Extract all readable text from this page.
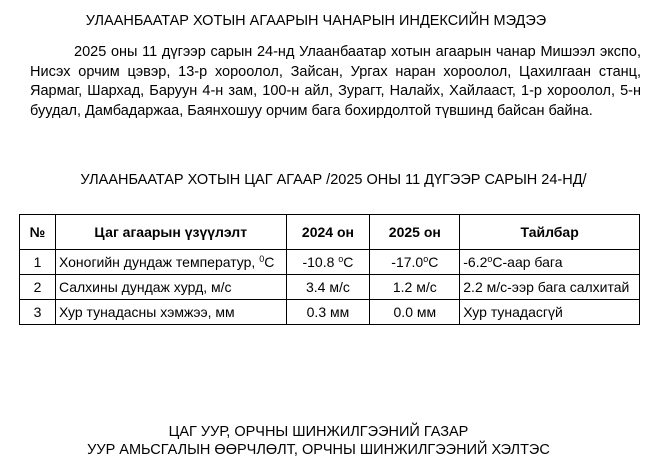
УЛААНБААТАР ХОТЫН АГААРЫН ЧАНАРЫН ИНДЕКСИЙН МЭДЭЭ

2025 оны 11 дүгээр сарын 24-нд Улаанбаатар хотын агаарын чанар Мишээл экспо, Нисэх орчим цэвэр, 13-р хороолол, Зайсан, Ургах наран хороолол, Цахилгаан станц, Яармаг, Шархад, Баруун 4-н зам, 100-н айл, Зурагт, Налайх, Хайлааст, 1-р хороолол, 5-н буудал, Дамбадаржаа, Баянхошуу орчим бага бохирдолтой түвшинд байсан байна.

УЛААНБААТАР ХОТЫН ЦАГ АГААР /2025 ОНЫ 11 ДҮГЭЭР САРЫН 24-НД/
№	Цаг агаарын үзүүлэлт	2024 он	2025 он	Тайлбар
1	Хоногийн дундаж температур, $^0$С	-10.8 $^о$С	$-17.0^оС$	$-6.2^оС$-аар бага
2	Салхины дундаж хурд, м/с	3.4 м/с	1.2 м/с	2.2 м/с-ээр бага салхитай
3	Хур тунадасны хэмжээ, мм	0.3 мм	0.0 мм	Хур тунадасгүй
ЦАГ УУР, ОРЧНЫ ШИНЖИЛГЭЭНИЙ ГАЗАР
УУР АМЬСГАЛЫН ӨӨРЧЛӨЛТ, ОРЧНЫ ШИНЖИЛГЭЭНИЙ ХЭЛТЭС
